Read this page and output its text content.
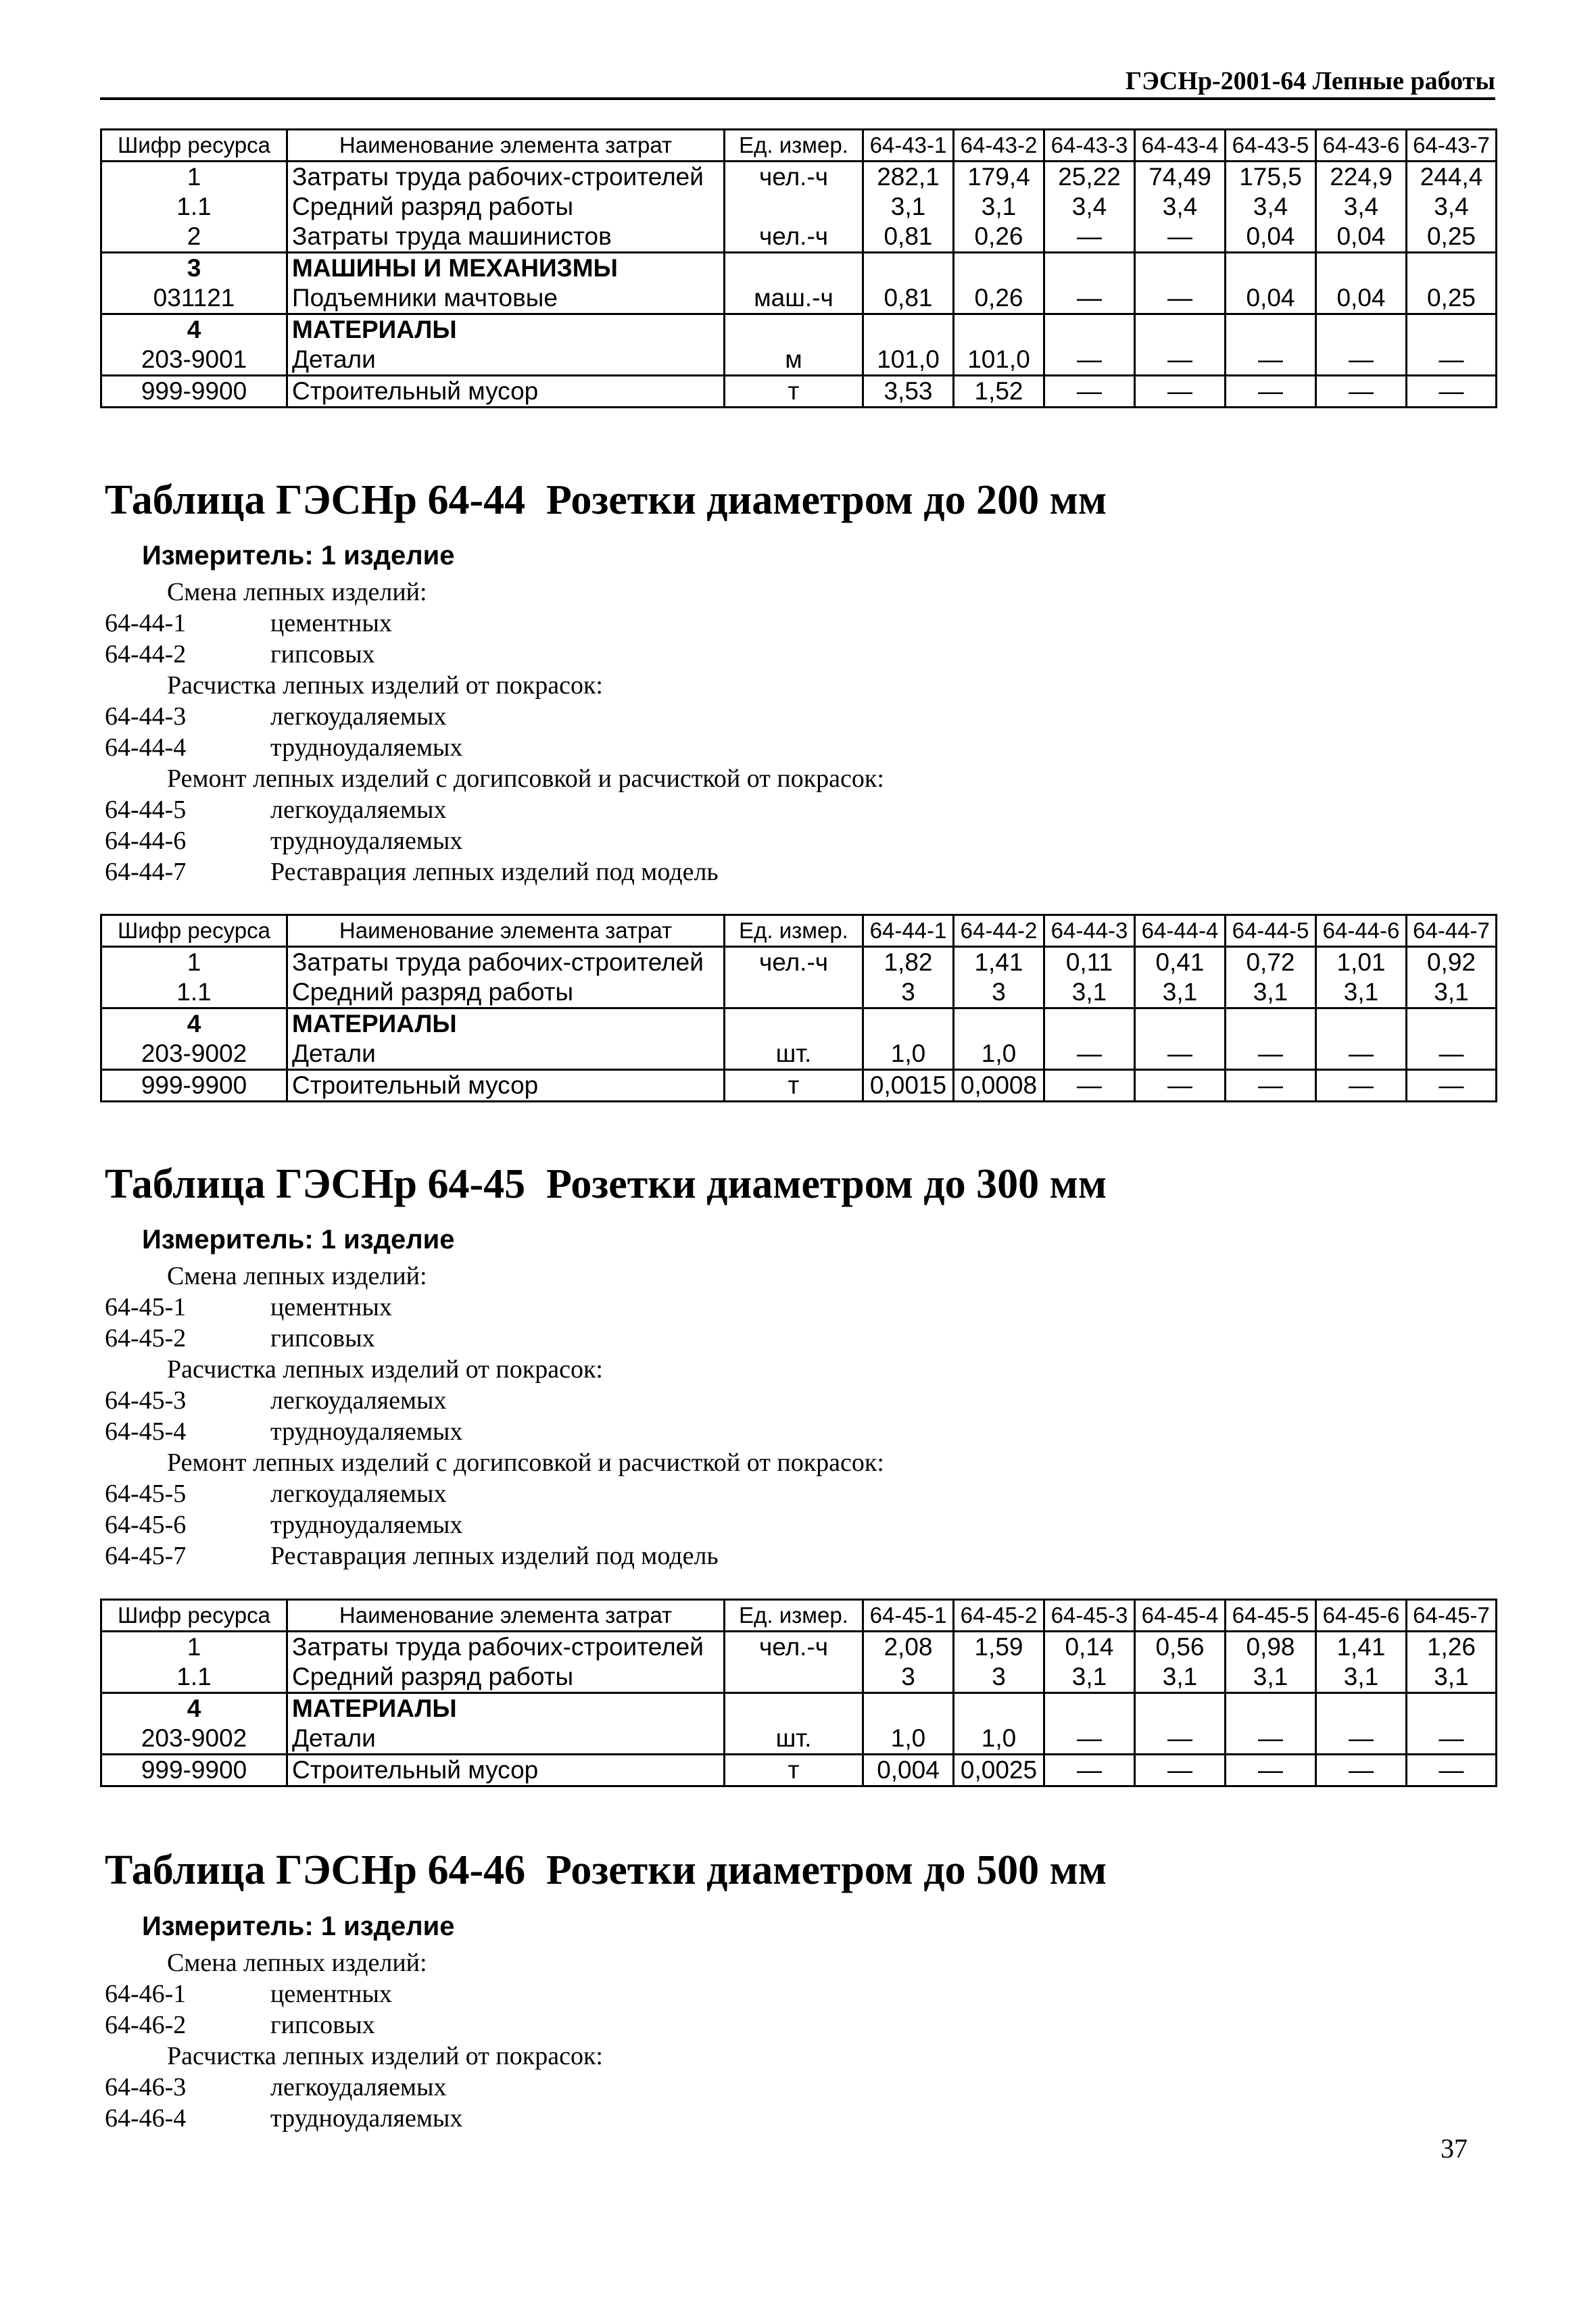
ГЭСНр-2001-64 Лепные работы
Шифр ресурса	Наименование элемента затрат	Ед. измер.	64-43-1	64-43-2	64-43-3	64-43-4	64-43-5	64-43-6	64-43-7
1	Затраты труда рабочих-строителей	чел.-ч	282,1	179,4	25,22	74,49	175,5	224,9	244,4
1.1	Средний разряд работы		3,1	3,1	3,4	3,4	3,4	3,4	3,4
2	Затраты труда машинистов	чел.-ч	0,81	0,26	—	—	0,04	0,04	0,25
3	МАШИНЫ И МЕХАНИЗМЫ								
031121	Подъемники мачтовые	маш.-ч	0,81	0,26	—	—	0,04	0,04	0,25
4	МАТЕРИАЛЫ								
203-9001	Детали	м	101,0	101,0	—	—	—	—	—
999-9900	Строительный мусор	т	3,53	1,52	—	—	—	—	—
Таблица ГЭСНр 64-44 Розетки диаметром до 200 мм
Измеритель: 1 изделие
Смена лепных изделий:
64-44-1	цементных
64-44-2	гипсовых
Расчистка лепных изделий от покрасок:
64-44-3	легкоудаляемых
64-44-4	трудноудаляемых
Ремонт лепных изделий с догипсовкой и расчисткой от покрасок:
64-44-5	легкоудаляемых
64-44-6	трудноудаляемых
64-44-7	Реставрация лепных изделий под модель
Шифр ресурса	Наименование элемента затрат	Ед. измер.	64-44-1	64-44-2	64-44-3	64-44-4	64-44-5	64-44-6	64-44-7
1	Затраты труда рабочих-строителей	чел.-ч	1,82	1,41	0,11	0,41	0,72	1,01	0,92
1.1	Средний разряд работы		3	3	3,1	3,1	3,1	3,1	3,1
4	МАТЕРИАЛЫ								
203-9002	Детали	шт.	1,0	1,0	—	—	—	—	—
999-9900	Строительный мусор	т	0,0015	0,0008	—	—	—	—	—
Таблица ГЭСНр 64-45 Розетки диаметром до 300 мм
Измеритель: 1 изделие
Смена лепных изделий:
64-45-1	цементных
64-45-2	гипсовых
Расчистка лепных изделий от покрасок:
64-45-3	легкоудаляемых
64-45-4	трудноудаляемых
Ремонт лепных изделий с догипсовкой и расчисткой от покрасок:
64-45-5	легкоудаляемых
64-45-6	трудноудаляемых
64-45-7	Реставрация лепных изделий под модель
Шифр ресурса	Наименование элемента затрат	Ед. измер.	64-45-1	64-45-2	64-45-3	64-45-4	64-45-5	64-45-6	64-45-7
1	Затраты труда рабочих-строителей	чел.-ч	2,08	1,59	0,14	0,56	0,98	1,41	1,26
1.1	Средний разряд работы		3	3	3,1	3,1	3,1	3,1	3,1
4	МАТЕРИАЛЫ								
203-9002	Детали	шт.	1,0	1,0	—	—	—	—	—
999-9900	Строительный мусор	т	0,004	0,0025	—	—	—	—	—
Таблица ГЭСНр 64-46 Розетки диаметром до 500 мм
Измеритель: 1 изделие
Смена лепных изделий:
64-46-1	цементных
64-46-2	гипсовых
Расчистка лепных изделий от покрасок:
64-46-3	легкоудаляемых
64-46-4	трудноудаляемых
37
